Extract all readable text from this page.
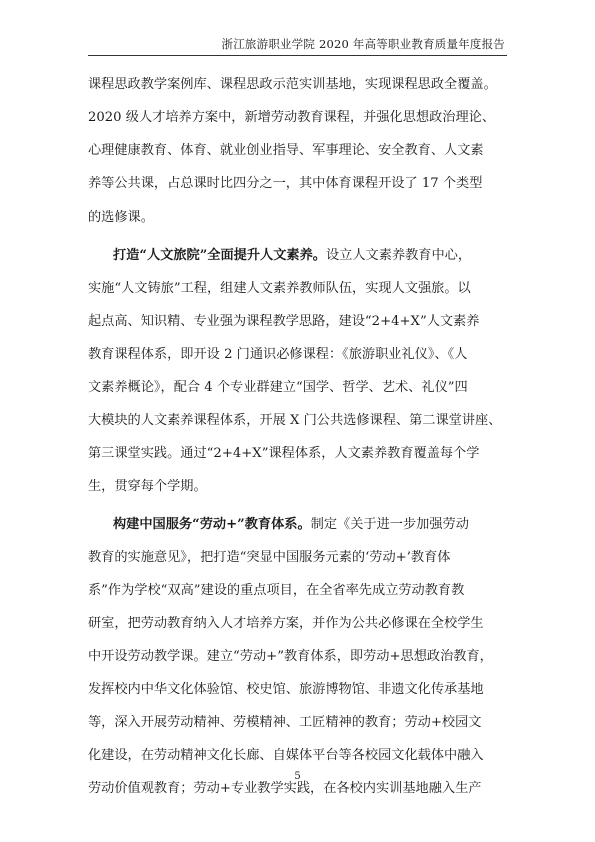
浙江旅游职业学院 2020 年高等职业教育质量年度报告
课程思政教学案例库、课程思政示范实训基地，实现课程思政全覆盖。
2020 级人才培养方案中，新增劳动教育课程，并强化思想政治理论、
心理健康教育、体育、就业创业指导、军事理论、安全教育、人文素
养等公共课，占总课时比四分之一，其中体育课程开设了 17 个类型
的选修课。
打造“人文旅院”全面提升人文素养。设立人文素养教育中心，
实施“人文铸旅”工程，组建人文素养教师队伍，实现人文强旅。以
起点高、知识精、专业强为课程教学思路，建设“2+4+X”人文素养
教育课程体系，即开设 2 门通识必修课程：《旅游职业礼仪》、《人
文素养概论》，配合 4 个专业群建立“国学、哲学、艺术、礼仪”四
大模块的人文素养课程体系，开展 X 门公共选修课程、第二课堂讲座、
第三课堂实践。通过“2+4+X”课程体系，人文素养教育覆盖每个学
生，贯穿每个学期。
构建中国服务“劳动+”教育体系。制定《关于进一步加强劳动
教育的实施意见》，把打造“突显中国服务元素的‘劳动+’教育体
系”作为学校“双高”建设的重点项目，在全省率先成立劳动教育教
研室，把劳动教育纳入人才培养方案，并作为公共必修课在全校学生
中开设劳动教学课。建立“劳动+”教育体系，即劳动+思想政治教育，
发挥校内中华文化体验馆、校史馆、旅游博物馆、非遗文化传承基地
等，深入开展劳动精神、劳模精神、工匠精神的教育；劳动+校园文
化建设，在劳动精神文化长廊、自媒体平台等各校园文化载体中融入
劳动价值观教育；劳动+专业教学实践，在各校内实训基地融入生产
5
